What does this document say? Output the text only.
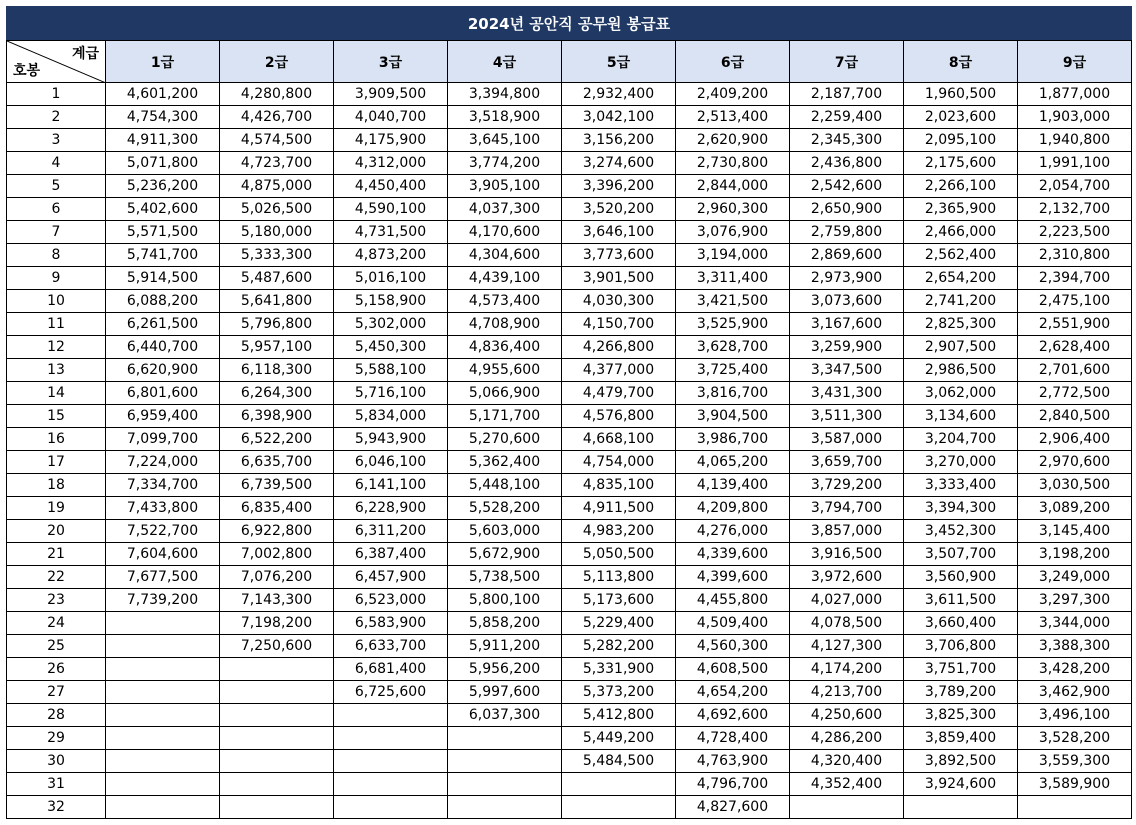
2024년 공안직 공무원 봉급표
계급
호봉	1급	2급	3급	4급	5급	6급	7급	8급	9급
1	4,601,200	4,280,800	3,909,500	3,394,800	2,932,400	2,409,200	2,187,700	1,960,500	1,877,000
2	4,754,300	4,426,700	4,040,700	3,518,900	3,042,100	2,513,400	2,259,400	2,023,600	1,903,000
3	4,911,300	4,574,500	4,175,900	3,645,100	3,156,200	2,620,900	2,345,300	2,095,100	1,940,800
4	5,071,800	4,723,700	4,312,000	3,774,200	3,274,600	2,730,800	2,436,800	2,175,600	1,991,100
5	5,236,200	4,875,000	4,450,400	3,905,100	3,396,200	2,844,000	2,542,600	2,266,100	2,054,700
6	5,402,600	5,026,500	4,590,100	4,037,300	3,520,200	2,960,300	2,650,900	2,365,900	2,132,700
7	5,571,500	5,180,000	4,731,500	4,170,600	3,646,100	3,076,900	2,759,800	2,466,000	2,223,500
8	5,741,700	5,333,300	4,873,200	4,304,600	3,773,600	3,194,000	2,869,600	2,562,400	2,310,800
9	5,914,500	5,487,600	5,016,100	4,439,100	3,901,500	3,311,400	2,973,900	2,654,200	2,394,700
10	6,088,200	5,641,800	5,158,900	4,573,400	4,030,300	3,421,500	3,073,600	2,741,200	2,475,100
11	6,261,500	5,796,800	5,302,000	4,708,900	4,150,700	3,525,900	3,167,600	2,825,300	2,551,900
12	6,440,700	5,957,100	5,450,300	4,836,400	4,266,800	3,628,700	3,259,900	2,907,500	2,628,400
13	6,620,900	6,118,300	5,588,100	4,955,600	4,377,000	3,725,400	3,347,500	2,986,500	2,701,600
14	6,801,600	6,264,300	5,716,100	5,066,900	4,479,700	3,816,700	3,431,300	3,062,000	2,772,500
15	6,959,400	6,398,900	5,834,000	5,171,700	4,576,800	3,904,500	3,511,300	3,134,600	2,840,500
16	7,099,700	6,522,200	5,943,900	5,270,600	4,668,100	3,986,700	3,587,000	3,204,700	2,906,400
17	7,224,000	6,635,700	6,046,100	5,362,400	4,754,000	4,065,200	3,659,700	3,270,000	2,970,600
18	7,334,700	6,739,500	6,141,100	5,448,100	4,835,100	4,139,400	3,729,200	3,333,400	3,030,500
19	7,433,800	6,835,400	6,228,900	5,528,200	4,911,500	4,209,800	3,794,700	3,394,300	3,089,200
20	7,522,700	6,922,800	6,311,200	5,603,000	4,983,200	4,276,000	3,857,000	3,452,300	3,145,400
21	7,604,600	7,002,800	6,387,400	5,672,900	5,050,500	4,339,600	3,916,500	3,507,700	3,198,200
22	7,677,500	7,076,200	6,457,900	5,738,500	5,113,800	4,399,600	3,972,600	3,560,900	3,249,000
23	7,739,200	7,143,300	6,523,000	5,800,100	5,173,600	4,455,800	4,027,000	3,611,500	3,297,300
24		7,198,200	6,583,900	5,858,200	5,229,400	4,509,400	4,078,500	3,660,400	3,344,000
25		7,250,600	6,633,700	5,911,200	5,282,200	4,560,300	4,127,300	3,706,800	3,388,300
26			6,681,400	5,956,200	5,331,900	4,608,500	4,174,200	3,751,700	3,428,200
27			6,725,600	5,997,600	5,373,200	4,654,200	4,213,700	3,789,200	3,462,900
28				6,037,300	5,412,800	4,692,600	4,250,600	3,825,300	3,496,100
29					5,449,200	4,728,400	4,286,200	3,859,400	3,528,200
30					5,484,500	4,763,900	4,320,400	3,892,500	3,559,300
31						4,796,700	4,352,400	3,924,600	3,589,900
32						4,827,600			
